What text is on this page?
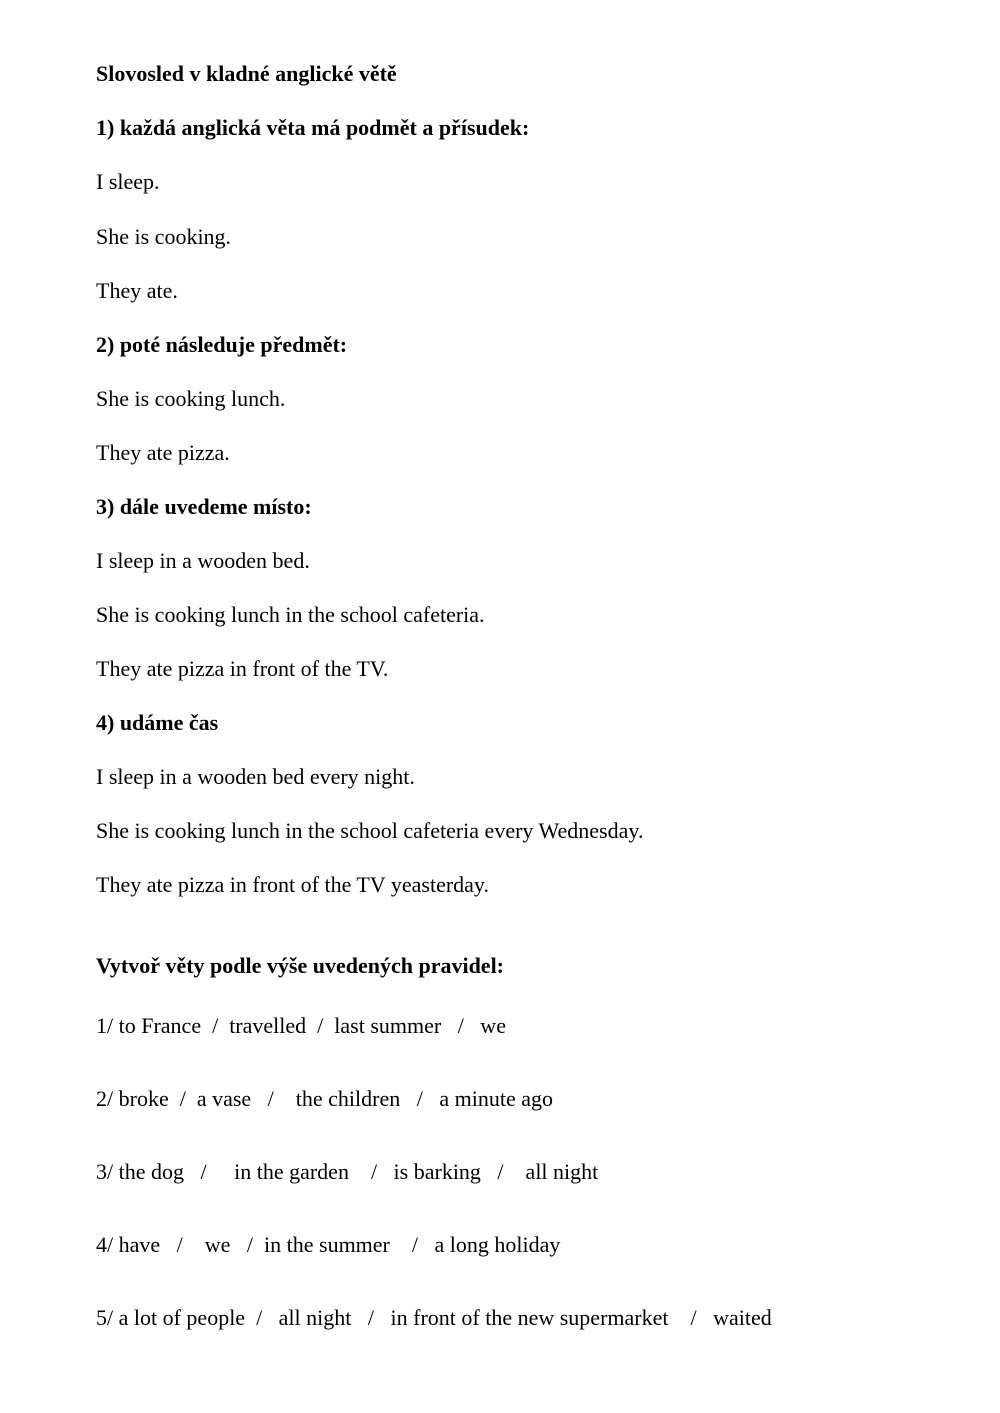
Slovosled v kladné anglické větě
1) každá anglická věta má podmět a přísudek:
I sleep.
She is cooking.
They ate.
2) poté následuje předmět:
She is cooking lunch.
They ate pizza.
3) dále uvedeme místo:
I sleep in a wooden bed.
She is cooking lunch in the school cafeteria.
They ate pizza in front of the TV.
4) udáme čas
I sleep in a wooden bed every night.
She is cooking lunch in the school cafeteria every Wednesday.
They ate pizza in front of the TV yeasterday.
Vytvoř věty podle výše uvedených pravidel:
1/ to France  /  travelled  /  last summer   /   we
2/ broke  /  a vase   /    the children   /   a minute ago
3/ the dog   /     in the garden    /   is barking   /    all night
4/ have   /    we   /  in the summer    /   a long holiday
5/ a lot of people  /   all night   /   in front of the new supermarket    /   waited
